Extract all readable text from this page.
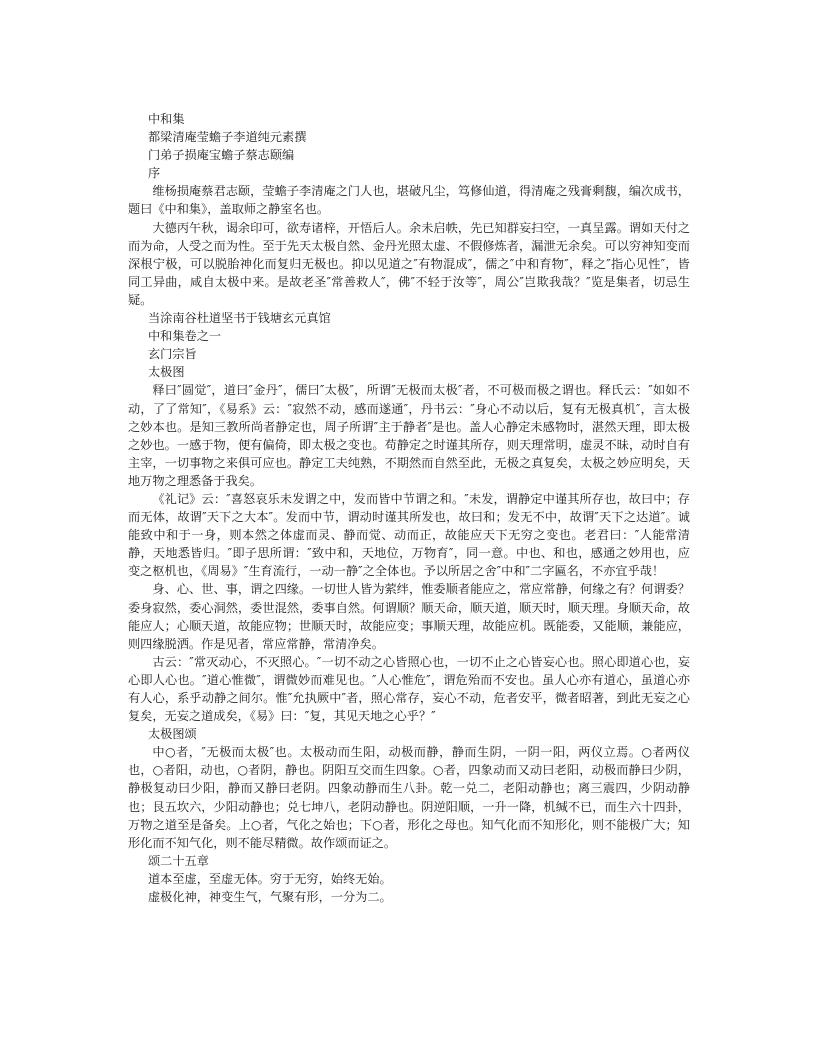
中和集

都梁清庵莹蟾子李道纯元素撰

门弟子损庵宝蟾子蔡志颐编

序

维杨损庵蔡君志颐，莹蟾子李清庵之门人也，堪破凡尘，笃修仙道，得清庵之残膏剩馥，编次成书，题曰《中和集》，盖取师之静室名也。

大德丙午秋，谒余印可，欲寿诸梓，开悟后人。余未启帙，先已知群妄扫空，一真呈露。谓如天付之而为命，人受之而为性。至于先天太极自然、金丹光照太虚、不假修炼者，漏泄无余矣。可以穷神知变而深根宁极，可以脱胎神化而复归无极也。抑以见道之″有物混成″，儒之″中和育物″，释之″指心见性″，皆同工异曲，咸自太极中来。是故老圣″常善救人″，佛″不轻于汝等″，周公″岂欺我哉？″览是集者，切忌生疑。

当涂南谷杜道坚书于钱塘玄元真馆

中和集卷之一

玄门宗旨

太极图

释曰″圆觉″，道曰″金丹″，儒曰″太极″，所谓″无极而太极″者，不可极而极之谓也。释氏云：″如如不动，了了常知″，《易系》云：″寂然不动，感而遂通″，丹书云：″身心不动以后，复有无极真机″，言太极之妙本也。是知三教所尚者静定也，周子所谓″主于静者″是也。盖人心静定未感物时，湛然天理，即太极之妙也。一感于物，便有偏倚，即太极之变也。苟静定之时谨其所存，则天理常明，虚灵不昧，动时自有主宰，一切事物之来俱可应也。静定工夫纯熟，不期然而自然至此，无极之真复矣，太极之妙应明矣，天地万物之理悉备于我矣。

《礼记》云：″喜怒哀乐未发谓之中，发而皆中节谓之和。″未发，谓静定中谨其所存也，故曰中；存而无体，故谓″天下之大本″。发而中节，谓动时谨其所发也，故曰和；发无不中，故谓″天下之达道″。诚能致中和于一身，则本然之体虚而灵、静而觉、动而正，故能应天下无穷之变也。老君曰：″人能常清静，天地悉皆归。″即子思所谓：″致中和，天地位，万物育″，同一意。中也、和也，感通之妙用也，应变之枢机也，《周易》″生育流行，一动一静″之全体也。予以所居之舍″中和″二字匾名，不亦宜乎哉！

身、心、世、事，谓之四缘。一切世人皆为萦绊，惟委顺者能应之，常应常静，何缘之有？何谓委？委身寂然，委心洞然，委世混然，委事自然。何谓顺？顺天命，顺天道，顺天时，顺天理。身顺天命，故能应人；心顺天道，故能应物；世顺天时，故能应变；事顺天理，故能应机。既能委，又能顺，兼能应，则四缘脱洒。作是见者，常应常静，常清净矣。

古云：″常灭动心，不灭照心。″一切不动之心皆照心也，一切不止之心皆妄心也。照心即道心也，妄心即人心也。″道心惟微″，谓微妙而难见也。″人心惟危″，谓危殆而不安也。虽人心亦有道心，虽道心亦有人心，系乎动静之间尔。惟″允执厥中″者，照心常存，妄心不动，危者安平，微者昭著，到此无妄之心复矣，无妄之道成矣，《易》曰：″复，其见天地之心乎？″

太极图颂

中○者，″无极而太极″也。太极动而生阳，动极而静，静而生阴，一阴一阳，两仪立焉。○者两仪也，○者阳，动也，○者阴，静也。阴阳互交而生四象。○者，四象动而又动曰老阳，动极而静曰少阴，静极复动曰少阳，静而又静曰老阴。四象动静而生八卦。乾一兑二，老阳动静也；离三震四，少阴动静也；艮五坎六，少阳动静也；兑七坤八，老阴动静也。阴逆阳顺，一升一降，机缄不已，而生六十四卦，万物之道至是备矣。上○者，气化之始也；下○者，形化之母也。知气化而不知形化，则不能极广大；知形化而不知气化，则不能尽精微。故作颂而证之。

颂二十五章

道本至虚，至虚无体。穷于无穷，始终无始。

虚极化神，神变生气，气聚有形，一分为二。
